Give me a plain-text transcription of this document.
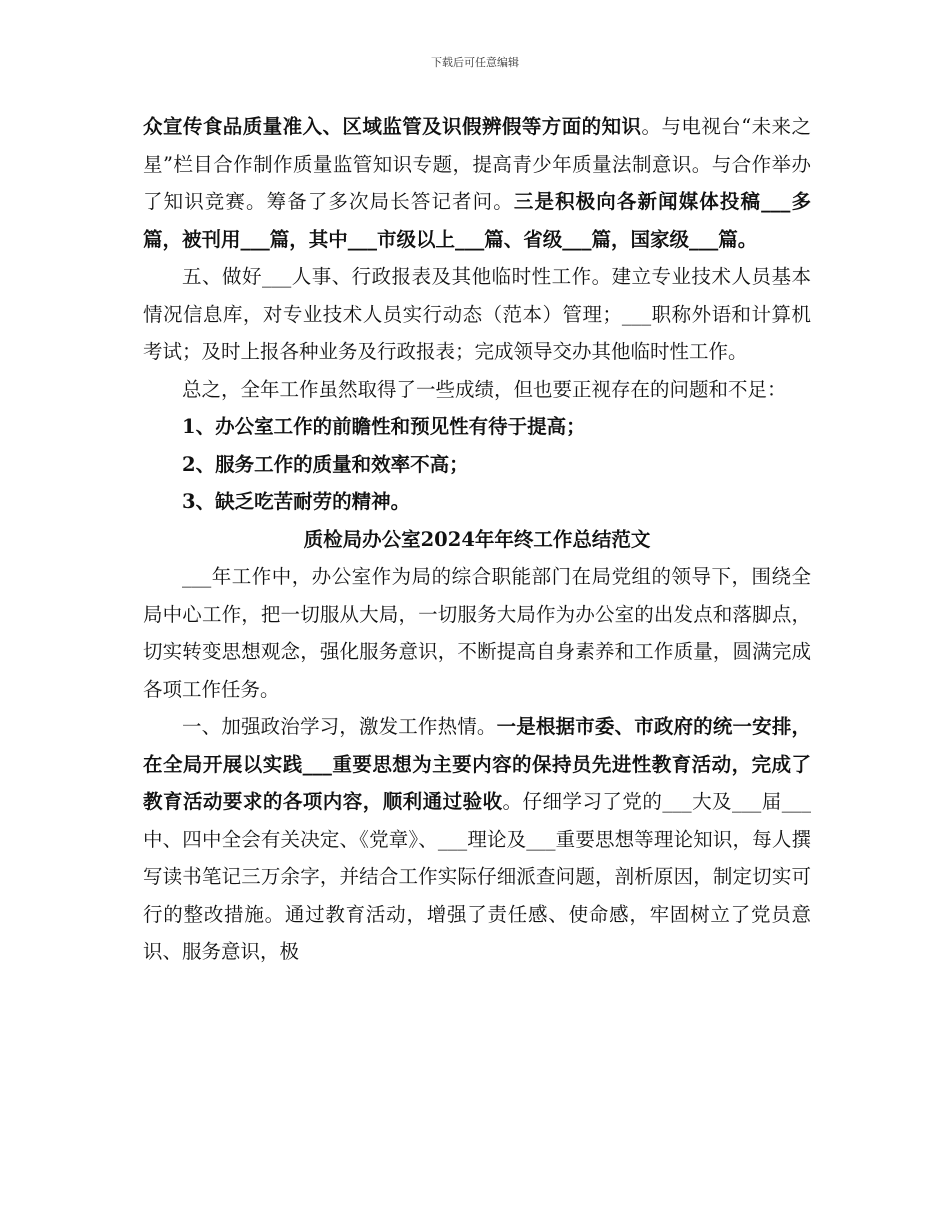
下载后可任意编辑

众宣传食品质量准入、区域监管及识假辨假等方面的知识。与电视台“未来之星”栏目合作制作质量监管知识专题，提高青少年质量法制意识。与合作举办了知识竞赛。筹备了多次局长答记者问。三是积极向各新闻媒体投稿___多篇，被刊用___篇，其中___市级以上___篇、省级___篇，国家级___篇。

五、做好___人事、行政报表及其他临时性工作。建立专业技术人员基本情况信息库，对专业技术人员实行动态（范本）管理；___职称外语和计算机考试；及时上报各种业务及行政报表；完成领导交办其他临时性工作。

总之，全年工作虽然取得了一些成绩，但也要正视存在的问题和不足：

1、办公室工作的前瞻性和预见性有待于提高；

2、服务工作的质量和效率不高；

3、缺乏吃苦耐劳的精神。

质检局办公室2024年年终工作总结范文

___年工作中，办公室作为局的综合职能部门在局党组的领导下，围绕全局中心工作，把一切服从大局，一切服务大局作为办公室的出发点和落脚点，切实转变思想观念，强化服务意识，不断提高自身素养和工作质量，圆满完成各项工作任务。

一、加强政治学习，激发工作热情。一是根据市委、市政府的统一安排，在全局开展以实践___重要思想为主要内容的保持员先进性教育活动，完成了教育活动要求的各项内容，顺利通过验收。仔细学习了党的___大及___届___中、四中全会有关决定、《党章》、___理论及___重要思想等理论知识，每人撰写读书笔记三万余字，并结合工作实际仔细派查问题，剖析原因，制定切实可行的整改措施。通过教育活动，增强了责任感、使命感，牢固树立了党员意识、服务意识，极
